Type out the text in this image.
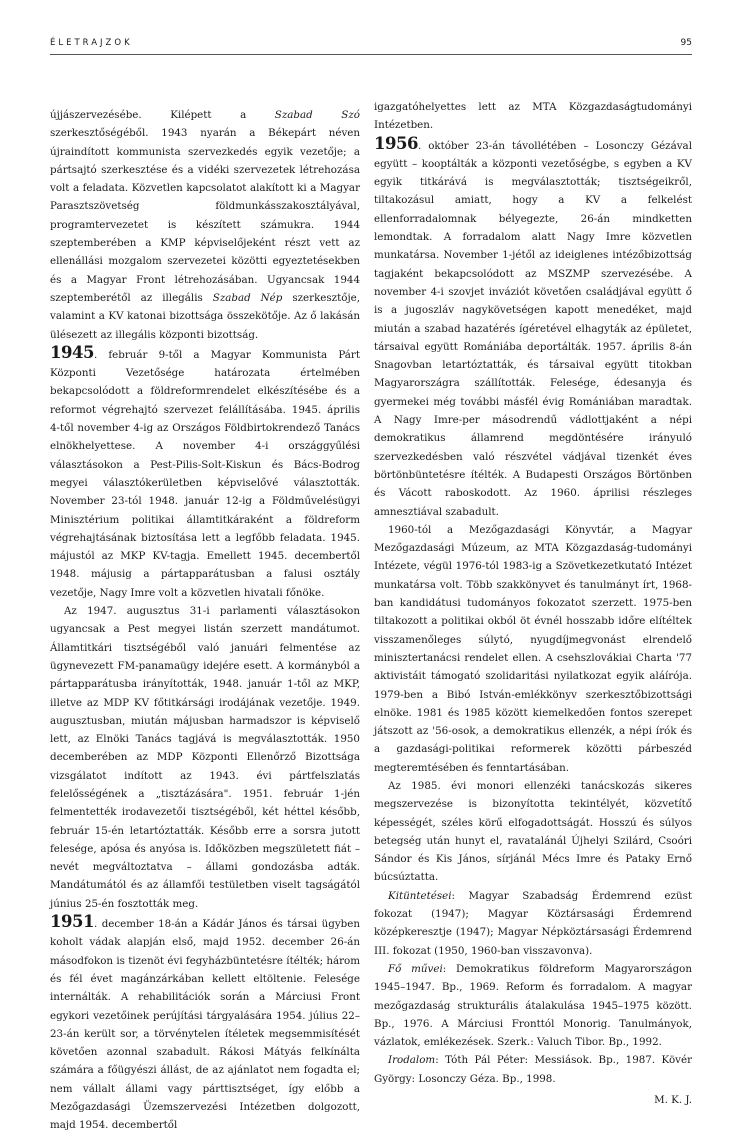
ÉLETRAJZOK	95

újjászervezésébe. Kilépett a Szabad Szó szerkesztőségéből. 1943 nyarán a Békepárt néven újraindított kommunista szervezkedés egyik vezetője; a pártsajtó szerkesztése és a vidéki szervezetek létrehozása volt a feladata. Közvetlen kapcsolatot alakított ki a Magyar Parasztszövetség földmunkásszakosztályával, programtervezetet is készített számukra. 1944 szeptemberében a KMP képviselőjeként részt vett az ellenállási mozgalom szervezetei közötti egyeztetésekben és a Magyar Front létrehozásában. Ugyancsak 1944 szeptemberétől az illegális Szabad Nép szerkesztője, valamint a KV katonai bizottsága összekötője. Az ő lakásán ülésezett az illegális központi bizottság.

1945. február 9-től a Magyar Kommunista Párt Központi Vezetősége határozata értelmében bekapcsolódott a földreformrendelet elkészítésébe és a reformot végrehajtó szervezet felállításába. 1945. április 4-től november 4-ig az Országos Földbirtokrendező Tanács elnökhelyettese. A november 4-i országgyűlési választásokon a Pest-Pilis-Solt-Kiskun és Bács-Bodrog megyei választókerületben képviselővé választották. November 23-tól 1948. január 12-ig a Földművelésügyi Minisztérium politikai államtitkáraként a földreform végrehajtásának biztosítása lett a legfőbb feladata. 1945. májustól az MKP KV-tagja. Emellett 1945. decembertől 1948. májusig a pártapparátusban a falusi osztály vezetője, Nagy Imre volt a közvetlen hivatali főnöke.

Az 1947. augusztus 31-i parlamenti választásokon ugyancsak a Pest megyei listán szerzett mandátumot. Államtitkári tisztségéből való januári felmentése az ügynevezett FM-panamaügy idejére esett. A kormányból a pártapparátusba irányították, 1948. január 1-től az MKP, illetve az MDP KV főtitkársági irodájának vezetője. 1949. augusztusban, miután májusban harmadszor is képviselő lett, az Elnöki Tanács tagjává is megválasztották. 1950 decemberében az MDP Központi Ellenőrző Bizottsága vizsgálatot indított az 1943. évi pártfelszlatás felelősségének a „tisztázására". 1951. február 1-jén felmentették irodavezetői tisztségéből, két héttel később, február 15-én letartóztatták. Később erre a sorsra jutott felesége, apósa és anyósa is. Időközben megszületett fiát – nevét megváltoztatva – állami gondozásba adták. Mandátumától és az államfői testületben viselt tagságától június 25-én fosztották meg.

1951. december 18-án a Kádár János és társai ügyben koholt vádak alapján első, majd 1952. december 26-án másodfokon is tizenöt évi fegyházbüntetésre ítélték; három és fél évet magánzárkában kellett eltöltenie. Felesége internálták. A rehabilitációk során a Márciusi Front egykori vezetőinek perújítási tárgyalására 1954. július 22–23-án került sor, a törvénytelen ítéletek megsemmisítését követően azonnal szabadult. Rákosi Mátyás felkínálta számára a főügyészi állást, de az ajánlatot nem fogadta el; nem vállalt állami vagy párttisztséget, így előbb a Mezőgazdasági Üzemszervezési Intézetben dolgozott, majd 1954. decembertől

igazgatóhelyettes lett az MTA Közgazdaságtudományi Intézetben.

1956. október 23-án távollétében – Losonczy Gézával együtt – kooptálták a központi vezetőségbe, s egyben a KV egyik titkárává is megválasztották; tisztségeikről, tiltakozásul amiatt, hogy a KV a felkelést ellenforradalomnak bélyegezte, 26-án mindketten lemondtak. A forradalom alatt Nagy Imre közvetlen munkatársa. November 1-jétől az ideiglenes intézőbizottság tagjaként bekapcsolódott az MSZMP szervezésébe. A november 4-i szovjet inváziót követően családjával együtt ő is a jugoszláv nagykövetségen kapott menedéket, majd miután a szabad hazatérés ígéretével elhagyták az épületet, társaival együtt Romániába deportálták. 1957. április 8-án Snagovban letartóztatták, és társaival együtt titokban Magyarországra szállították. Felesége, édesanyja és gyermekei még további másfél évig Romániában maradtak. A Nagy Imre-per másodrendű vádlottjaként a népi demokratikus államrend megdöntésére irányuló szervezkedésben való részvétel vádjával tizenkét éves börtönbüntetésre ítélték. A Budapesti Országos Börtönben és Vácott raboskodott. Az 1960. áprilisi részleges amnesztiával szabadult.

1960-tól a Mezőgazdasági Könyvtár, a Magyar Mezőgazdasági Múzeum, az MTA Közgazdaság-tudományi Intézete, végül 1976-tól 1983-ig a Szövetkezetkutató Intézet munkatársa volt. Több szakkönyvet és tanulmányt írt, 1968-ban kandidátusi tudományos fokozatot szerzett. 1975-ben tiltakozott a politikai okból öt évnél hosszabb időre elítéltek visszamenőleges súlytó, nyugdíjmegvonást elrendelő minisztertanácsi rendelet ellen. A csehszlovákiai Charta '77 aktivistáit támogató szolidaritási nyilatkozat egyik aláírója. 1979-ben a Bibó István-emlékkönyv szerkesztőbizottsági elnöke. 1981 és 1985 között kiemelkedően fontos szerepet játszott az '56-osok, a demokratikus ellenzék, a népi írók és a gazdasági-politikai reformerek közötti párbeszéd megteremtésében és fenntartásában.

Az 1985. évi monori ellenzéki tanácskozás sikeres megszervezése is bizonyította tekintélyét, közvetítő képességét, széles körű elfogadottságát. Hosszú és súlyos betegség után hunyt el, ravatalánál Újhelyi Szilárd, Csoóri Sándor és Kis János, sírjánál Mécs Imre és Pataky Ernő búcsúztatta.

Kitüntetései: Magyar Szabadság Érdemrend ezüst fokozat (1947); Magyar Köztársasági Érdemrend középkeresztje (1947); Magyar Népköztársasági Érdemrend III. fokozat (1950, 1960-ban visszavonva).

Fő művei: Demokratikus földreform Magyarországon 1945–1947. Bp., 1969. Reform és forradalom. A magyar mezőgazdaság strukturális átalakulása 1945–1975 között. Bp., 1976. A Márciusi Fronttól Monorig. Tanulmányok, vázlatok, emlékezések. Szerk.: Valuch Tibor. Bp., 1992.

Irodalom: Tóth Pál Péter: Messiások. Bp., 1987. Kövér György: Losonczy Géza. Bp., 1998.

M. K. J.
